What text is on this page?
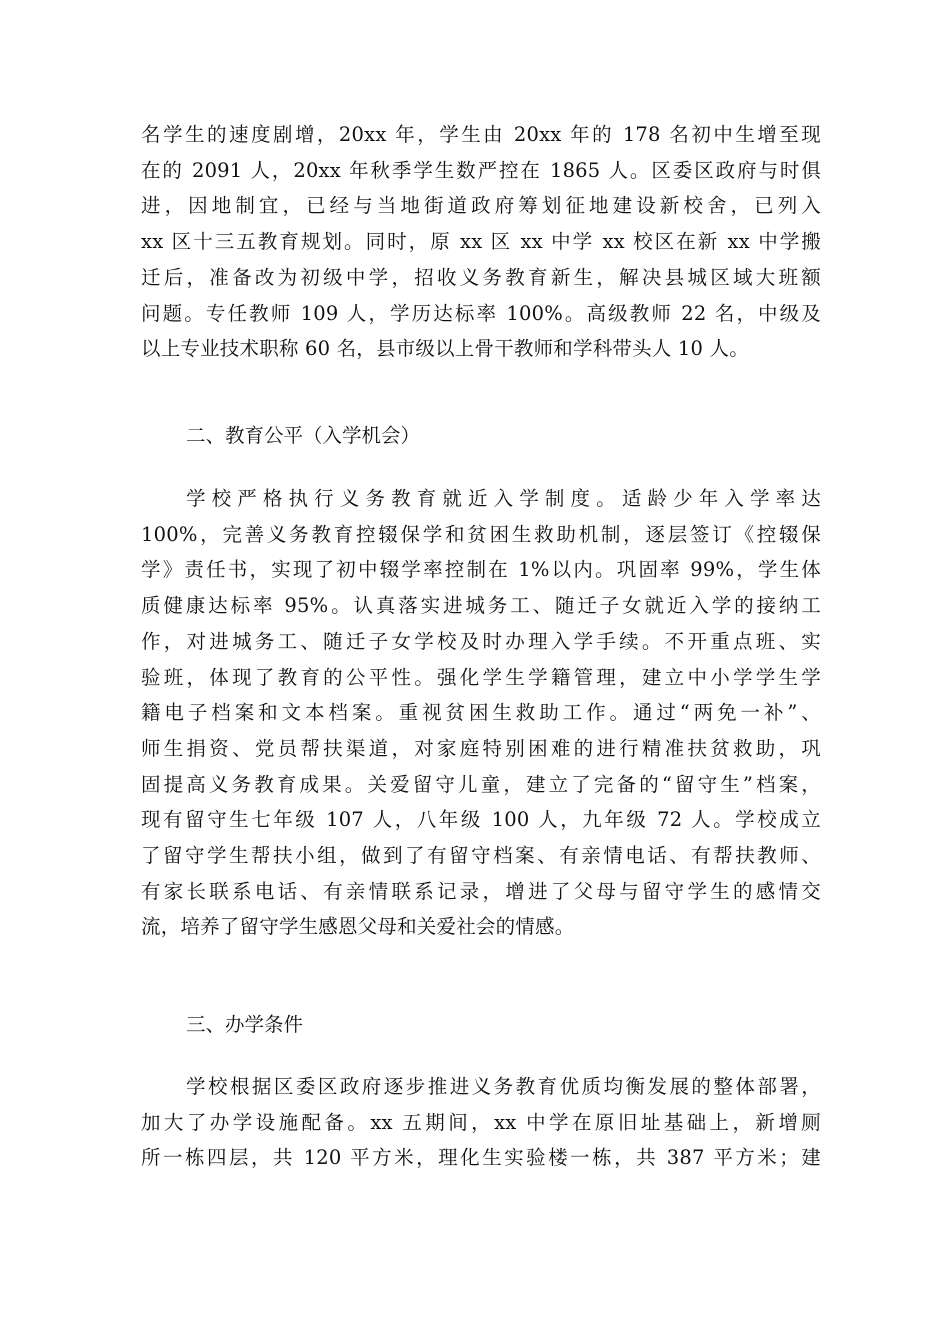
名学生的速度剧增，20xx 年，学生由 20xx 年的 178 名初中生增至现
在的 2091 人，20xx 年秋季学生数严控在 1865 人。区委区政府与时俱
进，因地制宜，已经与当地街道政府筹划征地建设新校舍，已列入
xx 区十三五教育规划。同时，原 xx 区 xx 中学 xx 校区在新 xx 中学搬
迁后，准备改为初级中学，招收义务教育新生，解决县城区域大班额
问题。专任教师 109 人，学历达标率 100%。高级教师 22 名，中级及
以上专业技术职称 60 名，县市级以上骨干教师和学科带头人 10 人。
二、教育公平（入学机会）
学校严格执行义务教育就近入学制度。适龄少年入学率达
100%，完善义务教育控辍保学和贫困生救助机制，逐层签订《控辍保
学》责任书，实现了初中辍学率控制在 1%以内。巩固率 99%，学生体
质健康达标率 95%。认真落实进城务工、随迁子女就近入学的接纳工
作，对进城务工、随迁子女学校及时办理入学手续。不开重点班、实
验班，体现了教育的公平性。强化学生学籍管理，建立中小学学生学
籍电子档案和文本档案。重视贫困生救助工作。通过“两免一补”、
师生捐资、党员帮扶渠道，对家庭特别困难的进行精准扶贫救助，巩
固提高义务教育成果。关爱留守儿童，建立了完备的“留守生”档案，
现有留守生七年级 107 人，八年级 100 人，九年级 72 人。学校成立
了留守学生帮扶小组，做到了有留守档案、有亲情电话、有帮扶教师、
有家长联系电话、有亲情联系记录，增进了父母与留守学生的感情交
流，培养了留守学生感恩父母和关爱社会的情感。
三、办学条件
学校根据区委区政府逐步推进义务教育优质均衡发展的整体部署，
加大了办学设施配备。xx 五期间，xx 中学在原旧址基础上，新增厕
所一栋四层，共 120 平方米，理化生实验楼一栋，共 387 平方米；建
